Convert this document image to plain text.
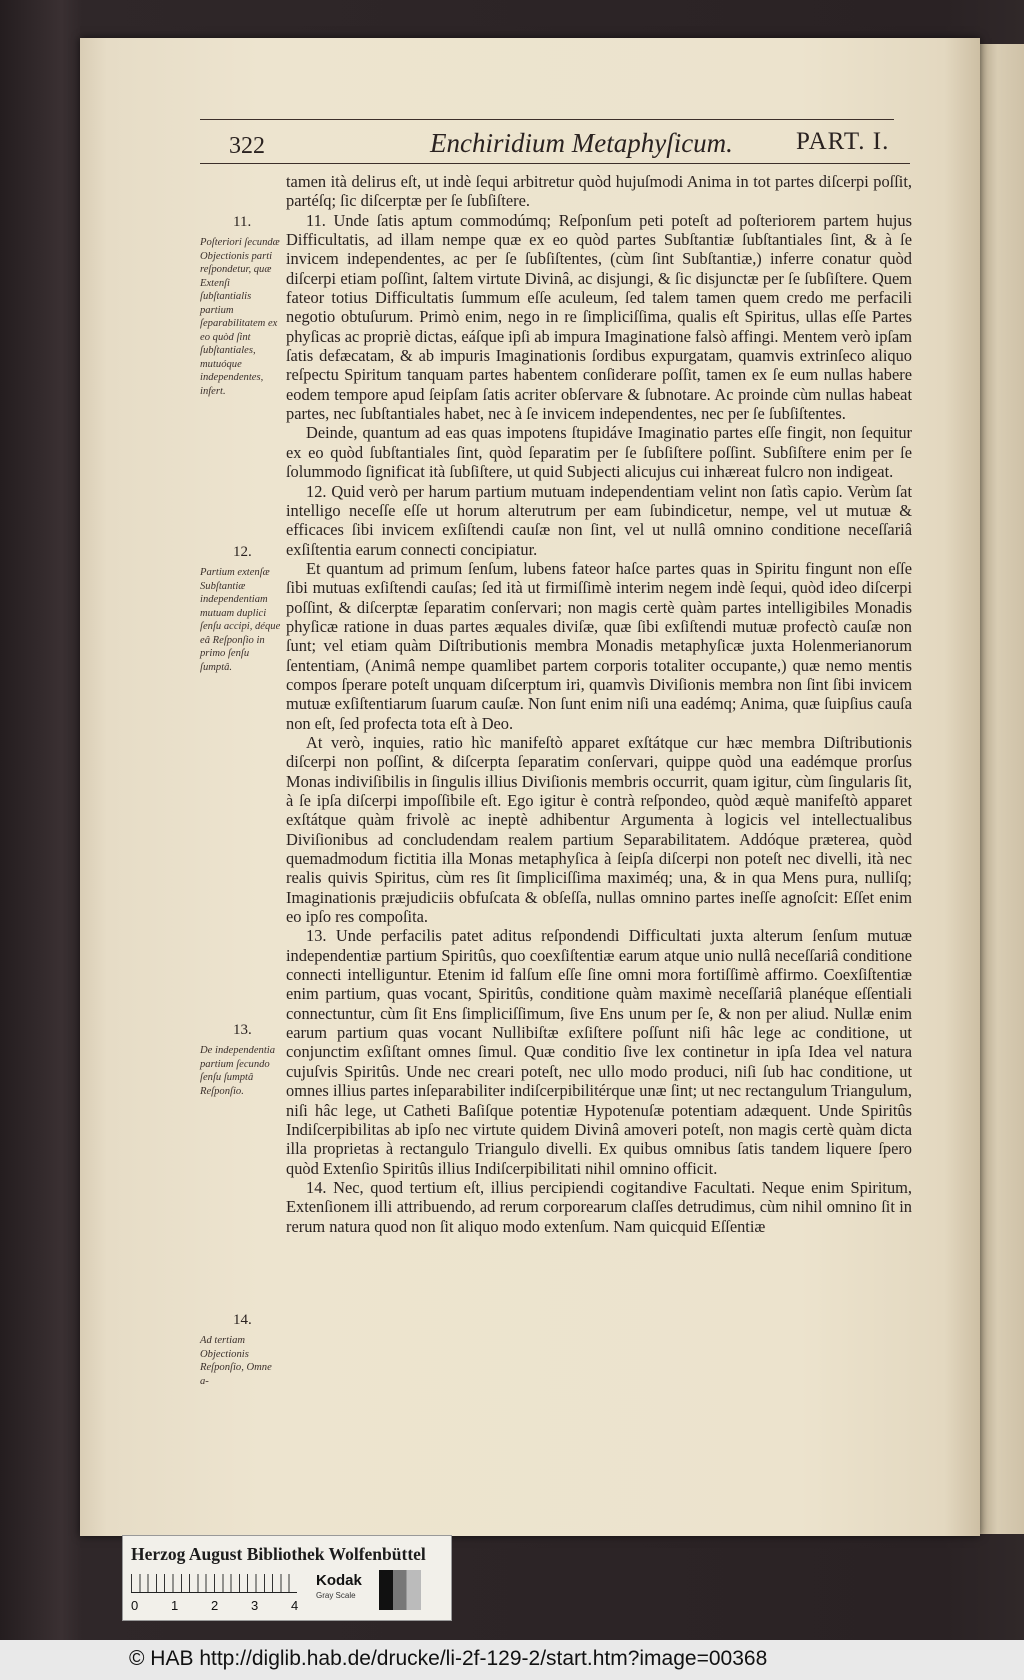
322	Enchiridium Metaphyſicum.	PART. I.

tamen ità delirus eſt, ut indè ſequi arbitretur quòd hujuſmodi Anima in tot partes diſcerpi poſſit, partéſq; ſic diſcerptæ per ſe ſubſiſtere.

11. Unde ſatis aptum commodúmq; Reſponſum peti poteſt ad poſteriorem partem hujus Difficultatis, ad illam nempe quæ ex eo quòd partes Subſtantiæ ſubſtantiales ſint, & à ſe invicem independentes, ac per ſe ſubſiſtentes, (cùm ſint Subſtantiæ,) inferre conatur quòd diſcerpi etiam poſſint, ſaltem virtute Divinâ, ac disjungi, & ſic disjunctæ per ſe ſubſiſtere. Quem fateor totius Difficultatis ſummum eſſe aculeum, ſed talem tamen quem credo me perfacili negotio obtuſurum. Primò enim, nego in re ſimpliciſſima, qualis eſt Spiritus, ullas eſſe Partes phyſicas ac propriè dictas, eáſque ipſi ab impura Imaginatione falsò affingi. Mentem verò ipſam ſatis defæcatam, & ab impuris Imaginationis ſordibus expurgatam, quamvis extrinſeco aliquo reſpectu Spiritum tanquam partes habentem conſiderare poſſit, tamen ex ſe eum nullas habere eodem tempore apud ſeipſam ſatis acriter obſervare & ſubnotare. Ac proinde cùm nullas habeat partes, nec ſubſtantiales habet, nec à ſe invicem independentes, nec per ſe ſubſiſtentes.

Deinde, quantum ad eas quas impotens ſtupidáve Imaginatio partes eſſe fingit, non ſequitur ex eo quòd ſubſtantiales ſint, quòd ſeparatim per ſe ſubſiſtere poſſint. Subſiſtere enim per ſe ſolummodo ſignificat ità ſubſiſtere, ut quid Subjecti alicujus cui inhæreat fulcro non indigeat.

12. Quid verò per harum partium mutuam independentiam velint non ſatìs capio. Verùm ſat intelligo neceſſe eſſe ut horum alterutrum per eam ſubindicetur, nempe, vel ut mutuæ & efficaces ſibi invicem exſiſtendi cauſæ non ſint, vel ut nullâ omnino conditione neceſſariâ exſiſtentia earum connecti concipiatur.

Et quantum ad primum ſenſum, lubens fateor haſce partes quas in Spiritu fingunt non eſſe ſibi mutuas exſiſtendi cauſas; ſed ità ut firmiſſimè interim negem indè ſequi, quòd ideo diſcerpi poſſint, & diſcerptæ ſeparatim conſervari; non magis certè quàm partes intelligibiles Monadis phyſicæ ratione in duas partes æquales diviſæ, quæ ſibi exſiſtendi mutuæ profectò cauſæ non ſunt; vel etiam quàm Diſtributionis membra Monadis metaphyſicæ juxta Holenmerianorum ſententiam, (Animâ nempe quamlibet partem corporis totaliter occupante,) quæ nemo mentis compos ſperare poteſt unquam diſcerptum iri, quamvìs Diviſionis membra non ſint ſibi invicem mutuæ exſiſtentiarum ſuarum cauſæ. Non ſunt enim niſi una eadémq; Anima, quæ ſuipſius cauſa non eſt, ſed profecta tota eſt à Deo.

At verò, inquies, ratio hìc manifeſtò apparet exſtátque cur hæc membra Diſtributionis diſcerpi non poſſint, & diſcerpta ſeparatim conſervari, quippe quòd una eadémque prorſus Monas indiviſibilis in ſingulis illius Diviſionis membris occurrit, quam igitur, cùm ſingularis ſit, à ſe ipſa diſcerpi impoſſibile eſt. Ego igitur è contrà reſpondeo, quòd æquè manifeſtò apparet exſtátque quàm frivolè ac ineptè adhibentur Argumenta à logicis vel intellectualibus Diviſionibus ad concludendam realem partium Separabilitatem. Addóque præterea, quòd quemadmodum fictitia illa Monas metaphyſica à ſeipſa diſcerpi non poteſt nec divelli, ità nec realis quivis Spiritus, cùm res ſit ſimpliciſſima maximéq; una, & in qua Mens pura, nulliſq; Imaginationis præjudiciis obfuſcata & obſeſſa, nullas omnino partes ineſſe agnoſcit: Eſſet enim eo ipſo res compoſita.

13. Unde perfacilis patet aditus reſpondendi Difficultati juxta alterum ſenſum mutuæ independentiæ partium Spiritûs, quo coexſiſtentiæ earum atque unio nullâ neceſſariâ conditione connecti intelliguntur. Etenim id falſum eſſe ſine omni mora fortiſſimè affirmo. Coexſiſtentiæ enim partium, quas vocant, Spiritûs, conditione quàm maximè neceſſariâ planéque eſſentiali connectuntur, cùm ſit Ens ſimpliciſſimum, ſive Ens unum per ſe, & non per aliud. Nullæ enim earum partium quas vocant Nullibiſtæ exſiſtere poſſunt niſi hâc lege ac conditione, ut conjunctim exſiſtant omnes ſimul. Quæ conditio ſive lex continetur in ipſa Idea vel natura cujuſvis Spiritûs. Unde nec creari poteſt, nec ullo modo produci, niſi ſub hac conditione, ut omnes illius partes inſeparabiliter indiſcerpibilitérque unæ ſint; ut nec rectangulum Triangulum, niſi hâc lege, ut Catheti Baſiſque potentiæ Hypotenuſæ potentiam adæquent. Unde Spiritûs Indiſcerpibilitas ab ipſo nec virtute quidem Divinâ amoveri poteſt, non magis certè quàm dicta illa proprietas à rectangulo Triangulo divelli. Ex quibus omnibus ſatis tandem liquere ſpero quòd Extenſio Spiritûs illius Indiſcerpibilitati nihil omnino officit.

14. Nec, quod tertium eſt, illius percipiendi cogitandive Facultati. Neque enim Spiritum, Extenſionem illi attribuendo, ad rerum corporearum claſſes detrudimus, cùm nihil omnino ſit in rerum natura quod non ſit aliquo modo extenſum. Nam quicquid Eſſentiæ

11.
Poſteriori ſecundæ Objectionis parti reſpondetur, quæ Extenſi ſubſtantialis partium ſeparabilitatem ex eo quòd ſint ſubſtantiales, mutuóque independentes, infert.
12.
Partium extenſæ Subſtantiæ independentiam mutuam duplici ſenſu accipi, déque eâ Reſponſio in primo ſenſu ſumptâ.
13.
De independentia partium ſecundo ſenſu ſumptâ Reſponſio.
14.
Ad tertiam Objectionis Reſponſio, Omne a-
Herzog August Bibliothek Wolfenbüttel
0	1	2	3	4
Kodak
Gray Scale
© HAB http://diglib.hab.de/drucke/li-2f-129-2/start.htm?image=00368
